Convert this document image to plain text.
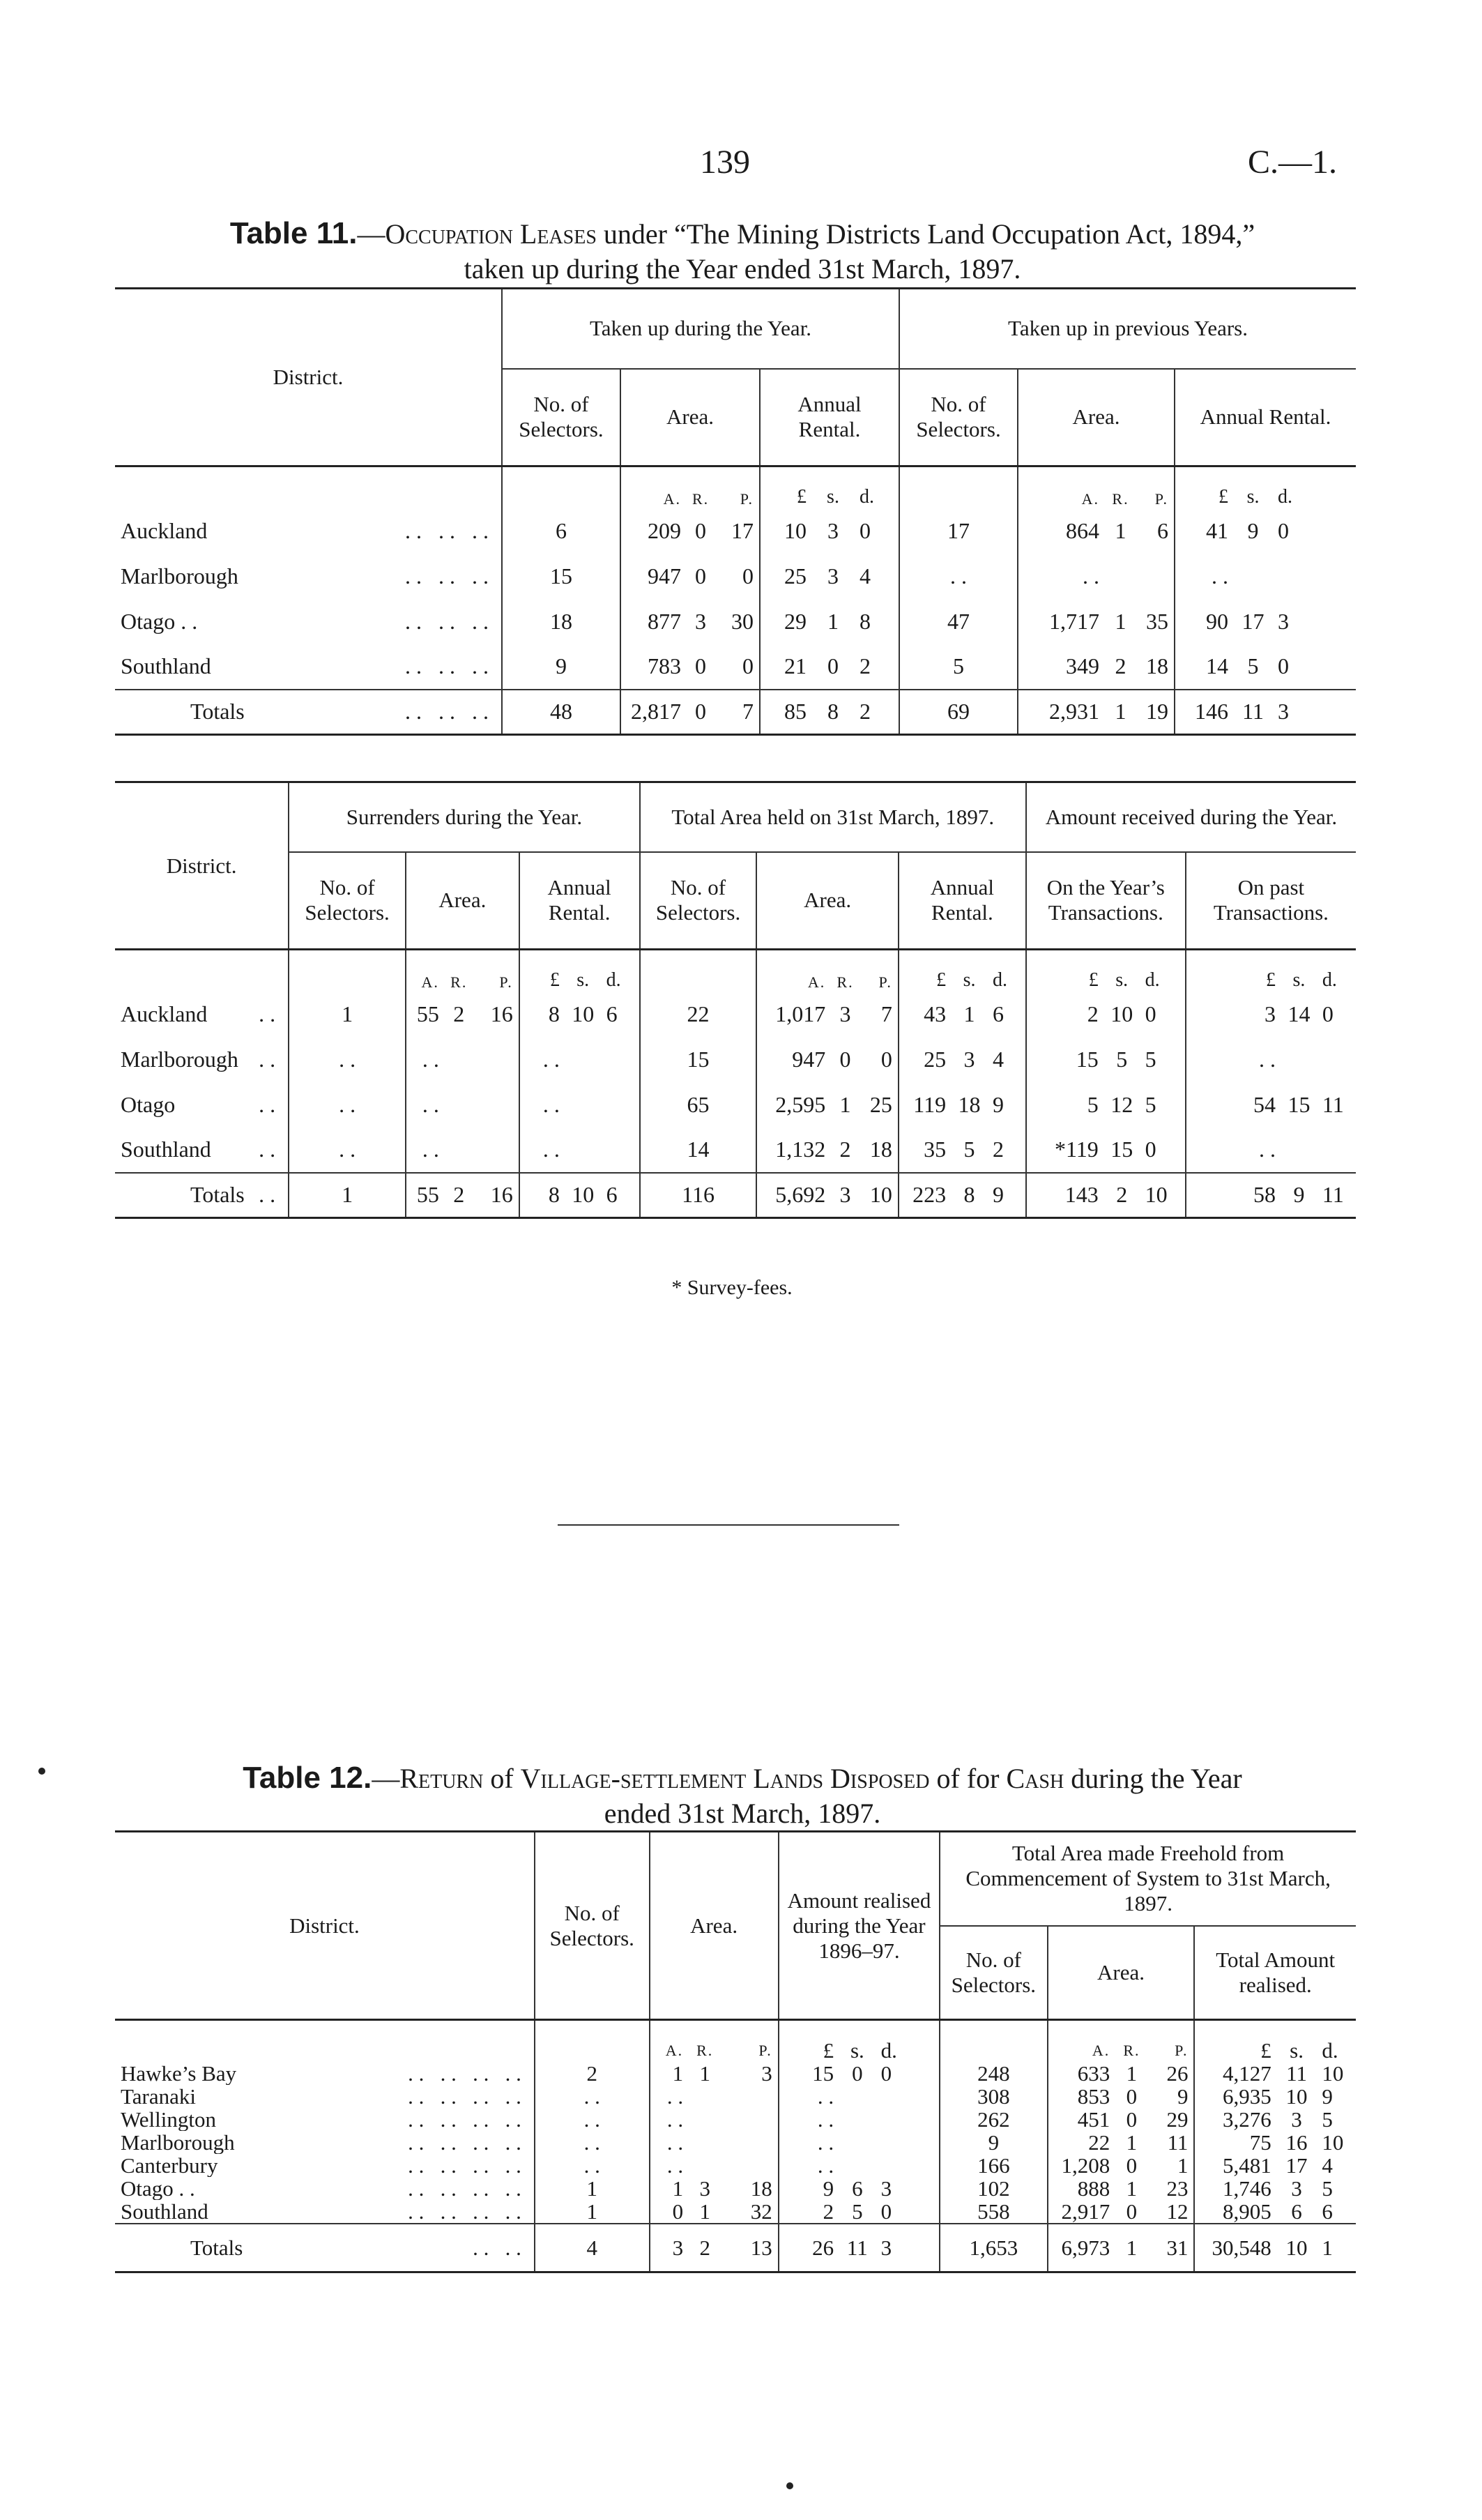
139	C.—1.
Table 11.—Occupation Leases under “The Mining Districts Land Occupation Act, 1894,”
taken up during the Year ended 31st March, 1897.
District.	Taken up during the Year.							Taken up in previous Years.						
	No. of Selectors.	Area.			Annual Rental.			No. of Selectors.	Area.			Annual Rental.		
		A.	R.	P.	£	s.	d.		A.	R.	P.	£	s.	d.
Auckland . .   . .   . .	6	209	0	17	10	3	0	17	864	1	6	41	9	0
Marlborough . .   . .   . .	15	947	0	0	25	3	4	. .	. .			. .		
Otago . . . .   . .   . .	18	877	3	30	29	1	8	47	1,717	1	35	90	17	3
Southland . .   . .   . .	9	783	0	0	21	0	2	5	349	2	18	14	5	0
Totals . .   . .   . .	48	2,817	0	7	85	8	2	69	2,931	1	19	146	11	3
District.	Surrenders during the Year.							Total Area held on 31st March, 1897.							Amount received during the Year.					
	No. of Selectors.	Area.			Annual Rental.			No. of Selectors.	Area.			Annual Rental.			On the Year’s Transactions.			On past Transactions.		
		A.	R.	P.	£	s.	d.		A.	R.	P.	£	s.	d.	£	s.	d.	£	s.	d.
Auckland . .	1	55	2	16	8	10	6	22	1,017	3	7	43	1	6	2	10	0	3	14	0
Marlborough . .	. .	. .			. .			15	947	0	0	25	3	4	15	5	5	. .		
Otago . .	. .	. .			. .			65	2,595	1	25	119	18	9	5	12	5	54	15	11
Southland . .	. .	. .			. .			14	1,132	2	18	35	5	2	*119	15	0	. .		
Totals . .	1	55	2	16	8	10	6	116	5,692	3	10	223	8	9	143	2	10	58	9	11
* Survey-fees.
Table 12.—Return of Village-settlement Lands Disposed of for Cash during the Year
ended 31st March, 1897.
District.	No. of Selectors.	Area.			Amount realised during the Year 1896–97.			Total Area made Freehold from Commencement of System to 31st March, 1897.						
								No. of Selectors.	Area.			Total Amount realised.		
		A.	R.	P.	£	s.	d.		A.	R.	P.	£	s.	d.
Hawke’s Bay . .   . .   . .   . .	2	1	1	3	15	0	0	248	633	1	26	4,127	11	10
Taranaki . .   . .   . .   . .	. .	. .			. .			308	853	0	9	6,935	10	9
Wellington . .   . .   . .   . .	. .	. .			. .			262	451	0	29	3,276	3	5
Marlborough . .   . .   . .   . .	. .	. .			. .			9	22	1	11	75	16	10
Canterbury . .   . .   . .   . .	. .	. .			. .			166	1,208	0	1	5,481	17	4
Otago . . . .   . .   . .   . .	1	1	3	18	9	6	3	102	888	1	23	1,746	3	5
Southland . .   . .   . .   . .	1	0	1	32	2	5	0	558	2,917	0	12	8,905	6	6
Totals . .   . .	4	3	2	13	26	11	3	1,653	6,973	1	31	30,548	10	1
